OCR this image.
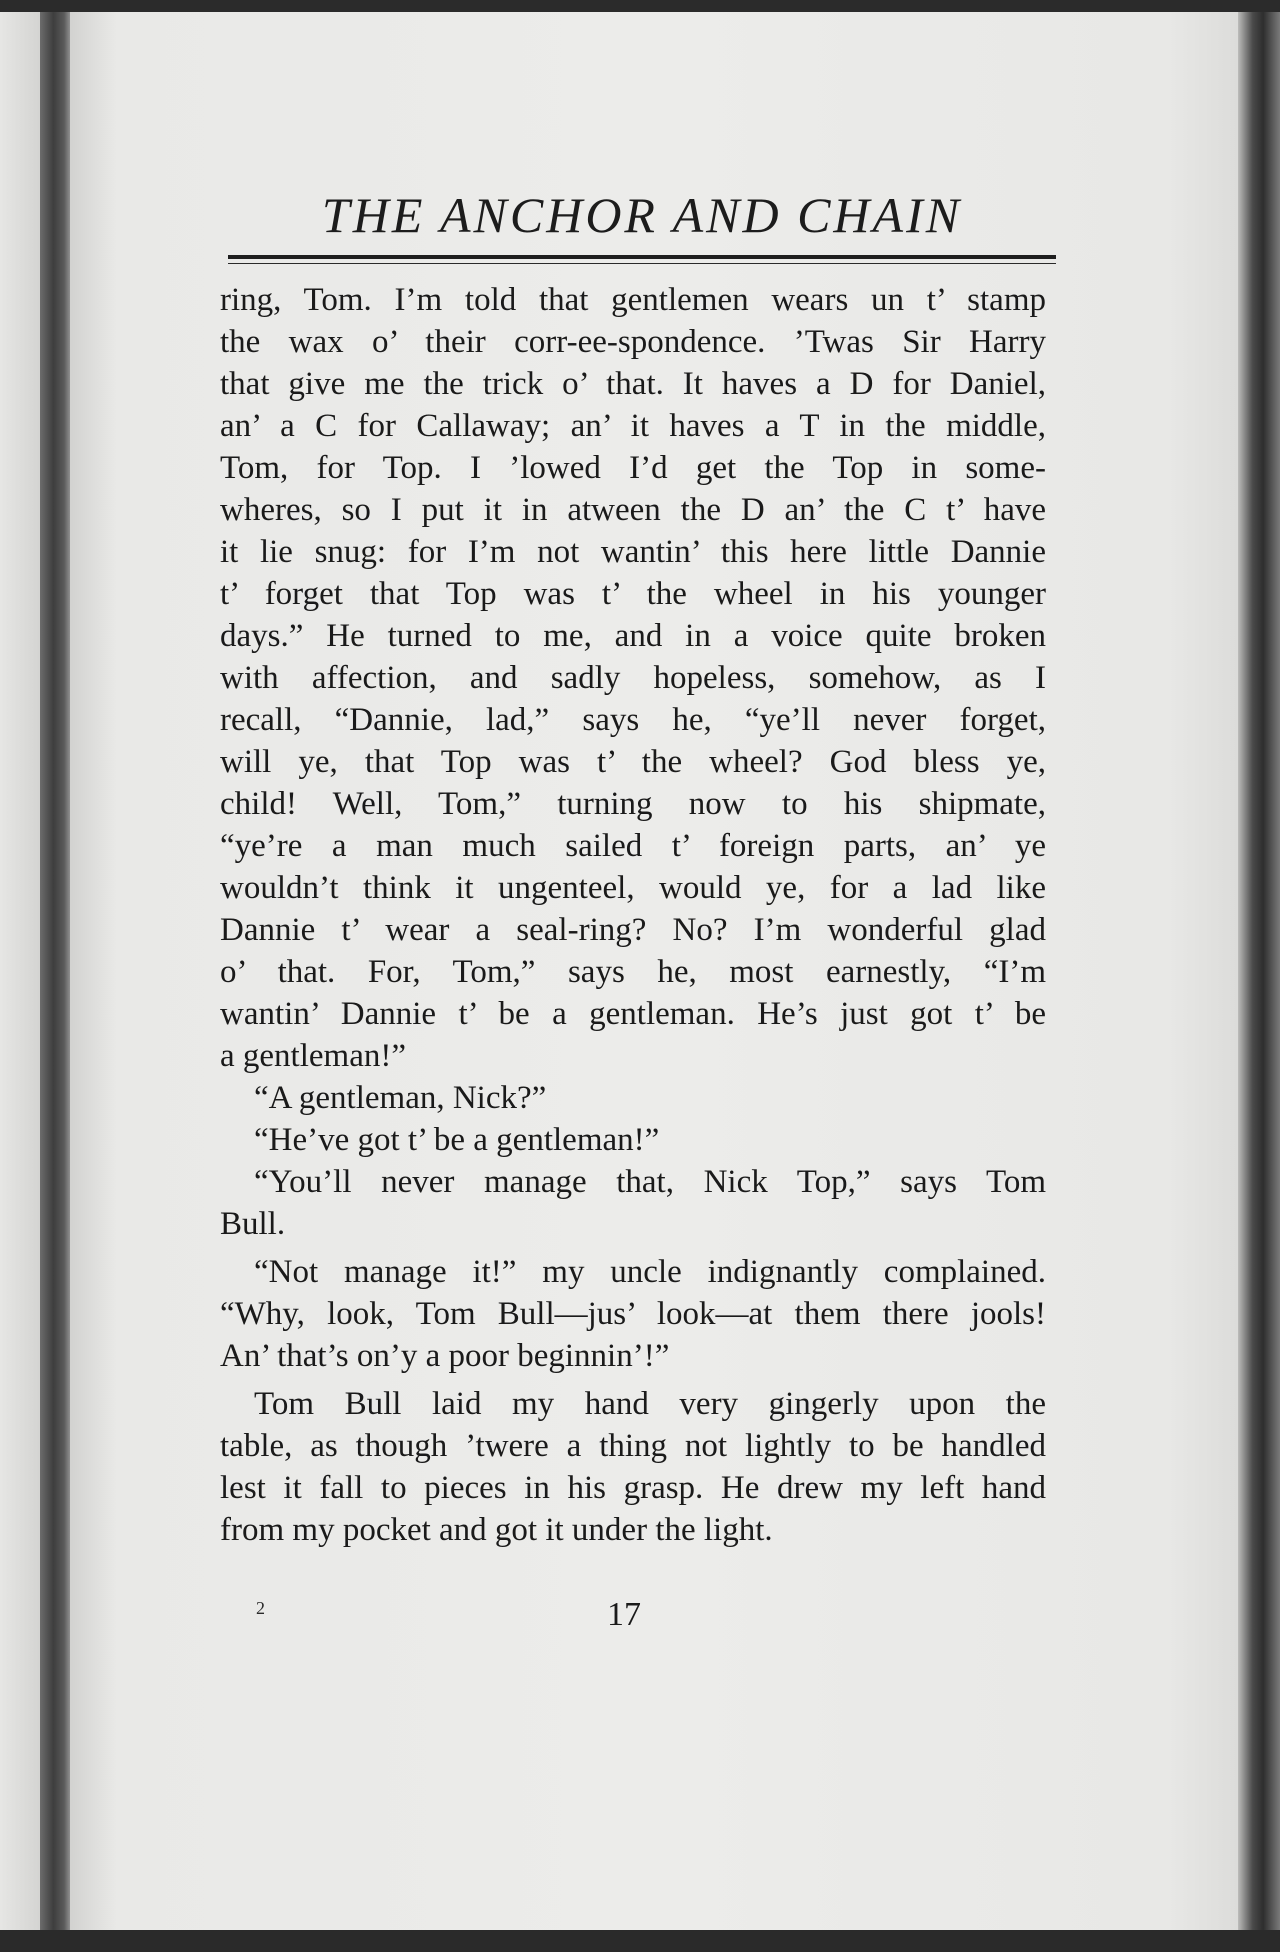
THE ANCHOR AND CHAIN

ring, Tom. I’m told that gentlemen wears un t’ stamp

the wax o’ their corr-ee-spondence. ’Twas Sir Harry

that give me the trick o’ that. It haves a D for Daniel,

an’ a C for Callaway; an’ it haves a T in the middle,

Tom, for Top. I ’lowed I’d get the Top in some-

wheres, so I put it in atween the D an’ the C t’ have

it lie snug: for I’m not wantin’ this here little Dannie

t’ forget that Top was t’ the wheel in his younger

days.” He turned to me, and in a voice quite broken

with affection, and sadly hopeless, somehow, as I

recall, “Dannie, lad,” says he, “ye’ll never forget,

will ye, that Top was t’ the wheel? God bless ye,

child! Well, Tom,” turning now to his shipmate,

“ye’re a man much sailed t’ foreign parts, an’ ye

wouldn’t think it ungenteel, would ye, for a lad like

Dannie t’ wear a seal-ring? No? I’m wonderful glad

o’ that. For, Tom,” says he, most earnestly, “I’m

wantin’ Dannie t’ be a gentleman. He’s just got t’ be

a gentleman!”

“A gentleman, Nick?”

“He’ve got t’ be a gentleman!”

“You’ll never manage that, Nick Top,” says Tom

Bull.

“Not manage it!” my uncle indignantly complained.

“Why, look, Tom Bull—jus’ look—at them there jools!

An’ that’s on’y a poor beginnin’!”

Tom Bull laid my hand very gingerly upon the

table, as though ’twere a thing not lightly to be handled

lest it fall to pieces in his grasp. He drew my left hand

from my pocket and got it under the light.

2	17
